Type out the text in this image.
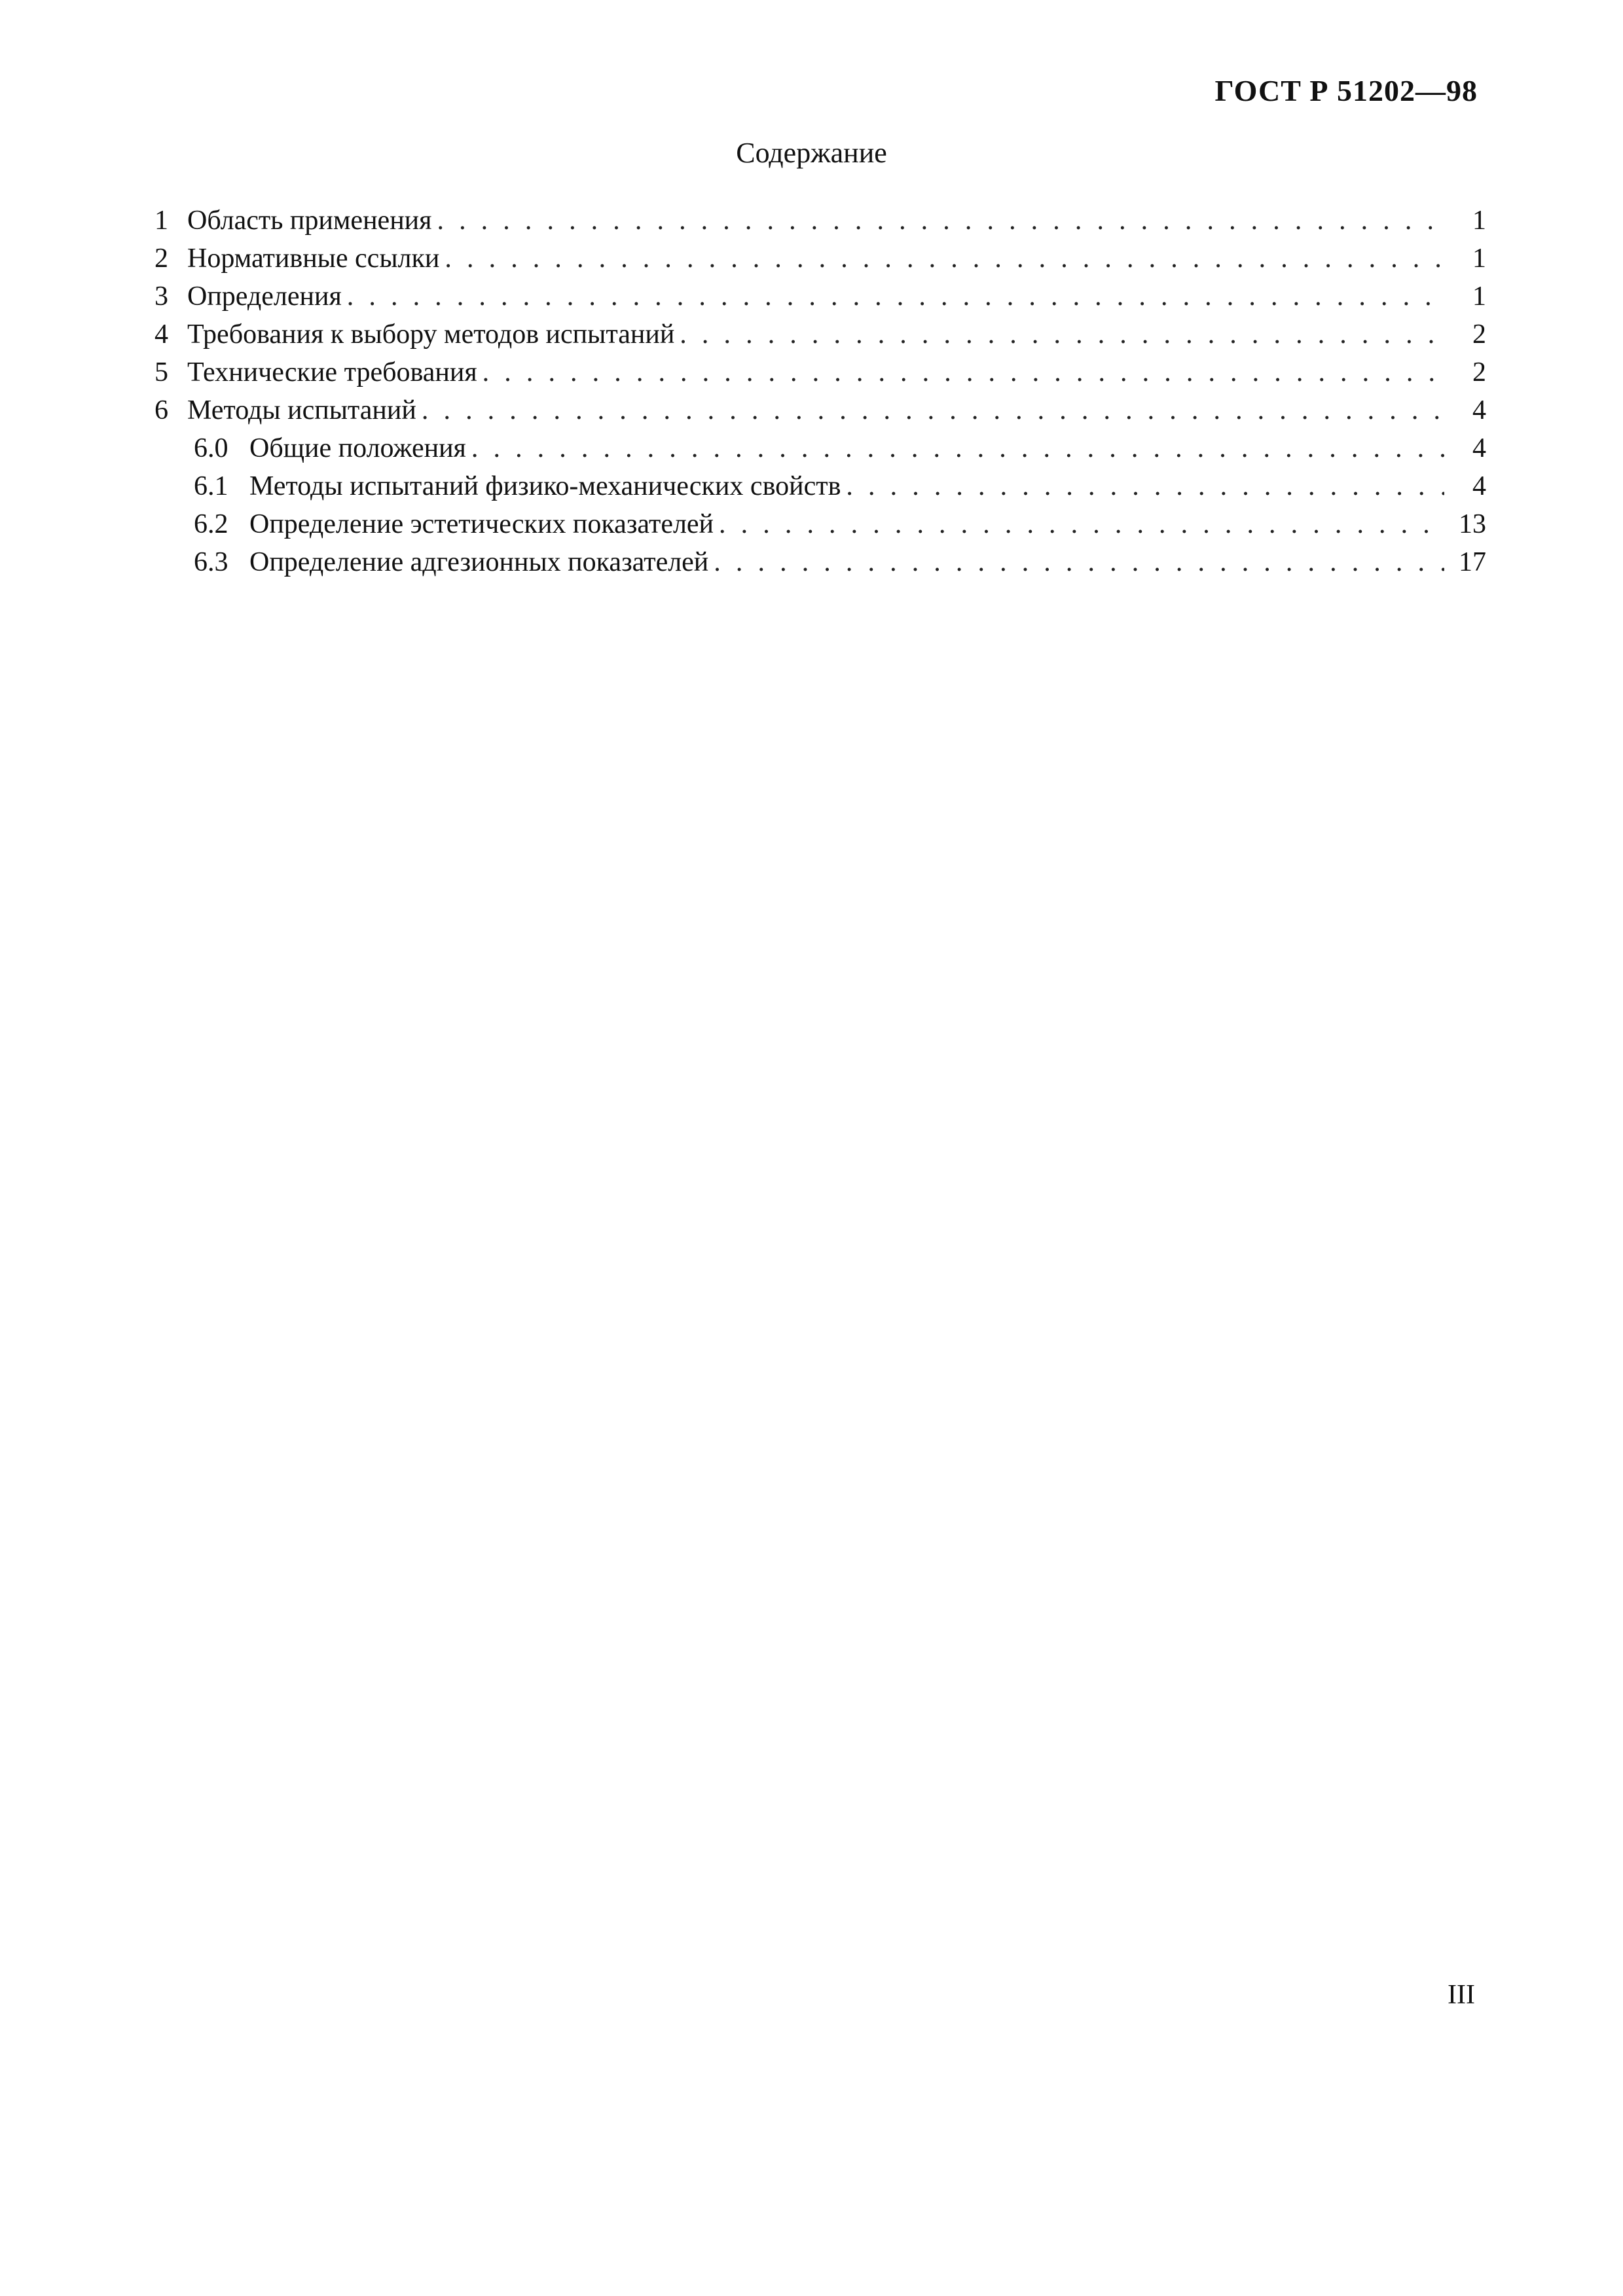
ГОСТ Р 51202—98
Содержание
1 Область применения . . .	1
2 Нормативные ссылки . . .	1
3 Определения . . .	1
4 Требования к выбору методов испытаний . . .	2
5 Технические требования . . .	2
6 Методы испытаний . . .	4
6.0 Общие положения . . .	4
6.1 Методы испытаний физико-механических свойств . . .	4
6.2 Определение эстетических показателей . . .	13
6.3 Определение адгезионных показателей . . .	17
III
